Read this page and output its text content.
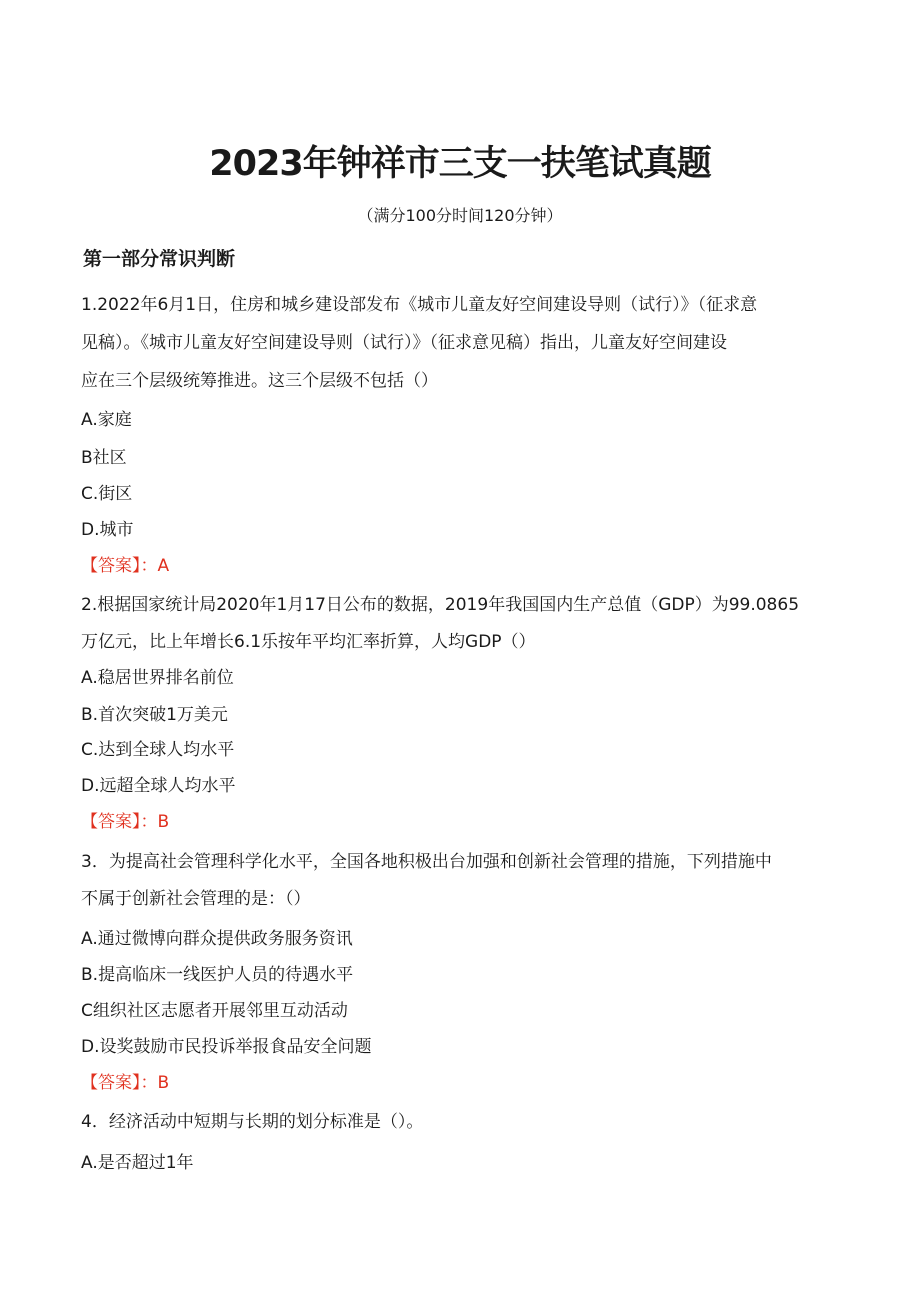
2023年钟祥市三支一扶笔试真题
（满分100分时间120分钟）
第一部分常识判断
1.2022年6月1日，住房和城乡建设部发布《城市儿童友好空间建设导则（试行）》（征求意
见稿）。《城市儿童友好空间建设导则（试行）》（征求意见稿）指出，儿童友好空间建设
应在三个层级统筹推进。这三个层级不包括（）
A.家庭
B社区
C.街区
D.城市
【答案】：A
2.根据国家统计局2020年1月17日公布的数据，2019年我国国内生产总值（GDP）为99.0865
万亿元，比上年增长6.1乐按年平均汇率折算，人均GDP（）
A.稳居世界排名前位
B.首次突破1万美元
C.达到全球人均水平
D.远超全球人均水平
【答案】：B
3．为提高社会管理科学化水平，全国各地积极出台加强和创新社会管理的措施，下列措施中
不属于创新社会管理的是：（）
A.通过微博向群众提供政务服务资讯
B.提高临床一线医护人员的待遇水平
C组织社区志愿者开展邻里互动活动
D.设奖鼓励市民投诉举报食品安全问题
【答案】：B
4．经济活动中短期与长期的划分标准是（）。
A.是否超过1年
